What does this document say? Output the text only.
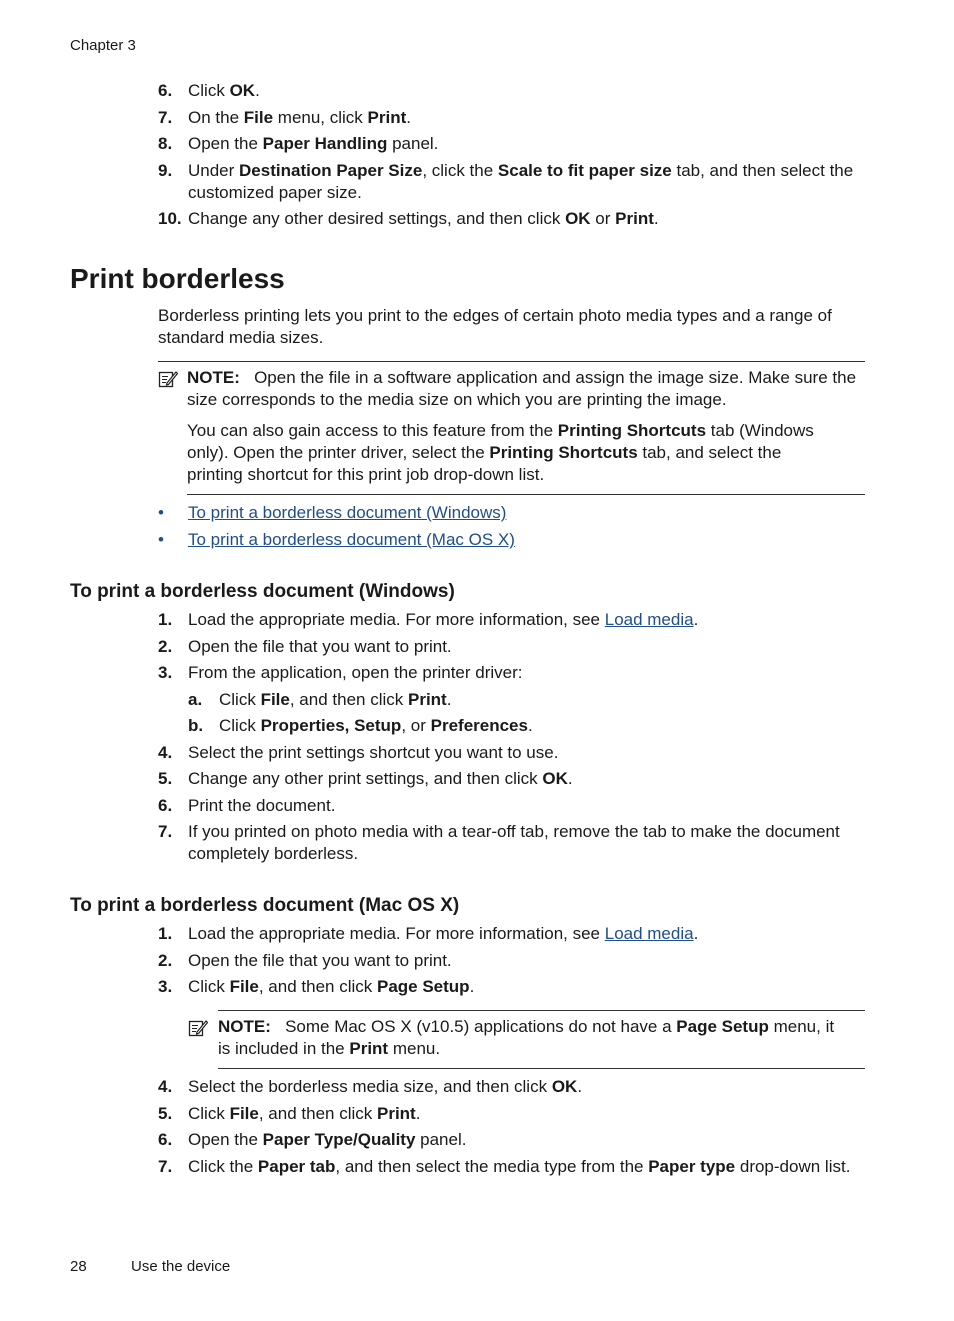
Chapter 3
6. Click OK.
7. On the File menu, click Print.
8. Open the Paper Handling panel.
9. Under Destination Paper Size, click the Scale to fit paper size tab, and then select the customized paper size.
10. Change any other desired settings, and then click OK or Print.
Print borderless
Borderless printing lets you print to the edges of certain photo media types and a range of standard media sizes.
NOTE: Open the file in a software application and assign the image size. Make sure the size corresponds to the media size on which you are printing the image.
You can also gain access to this feature from the Printing Shortcuts tab (Windows only). Open the printer driver, select the Printing Shortcuts tab, and select the printing shortcut for this print job drop-down list.
• To print a borderless document (Windows)
• To print a borderless document (Mac OS X)
To print a borderless document (Windows)
1. Load the appropriate media. For more information, see Load media.
2. Open the file that you want to print.
3. From the application, open the printer driver:
a. Click File, and then click Print.
b. Click Properties, Setup, or Preferences.
4. Select the print settings shortcut you want to use.
5. Change any other print settings, and then click OK.
6. Print the document.
7. If you printed on photo media with a tear-off tab, remove the tab to make the document completely borderless.
To print a borderless document (Mac OS X)
1. Load the appropriate media. For more information, see Load media.
2. Open the file that you want to print.
3. Click File, and then click Page Setup.
NOTE: Some Mac OS X (v10.5) applications do not have a Page Setup menu, it is included in the Print menu.
4. Select the borderless media size, and then click OK.
5. Click File, and then click Print.
6. Open the Paper Type/Quality panel.
7. Click the Paper tab, and then select the media type from the Paper type drop-down list.
28	Use the device
